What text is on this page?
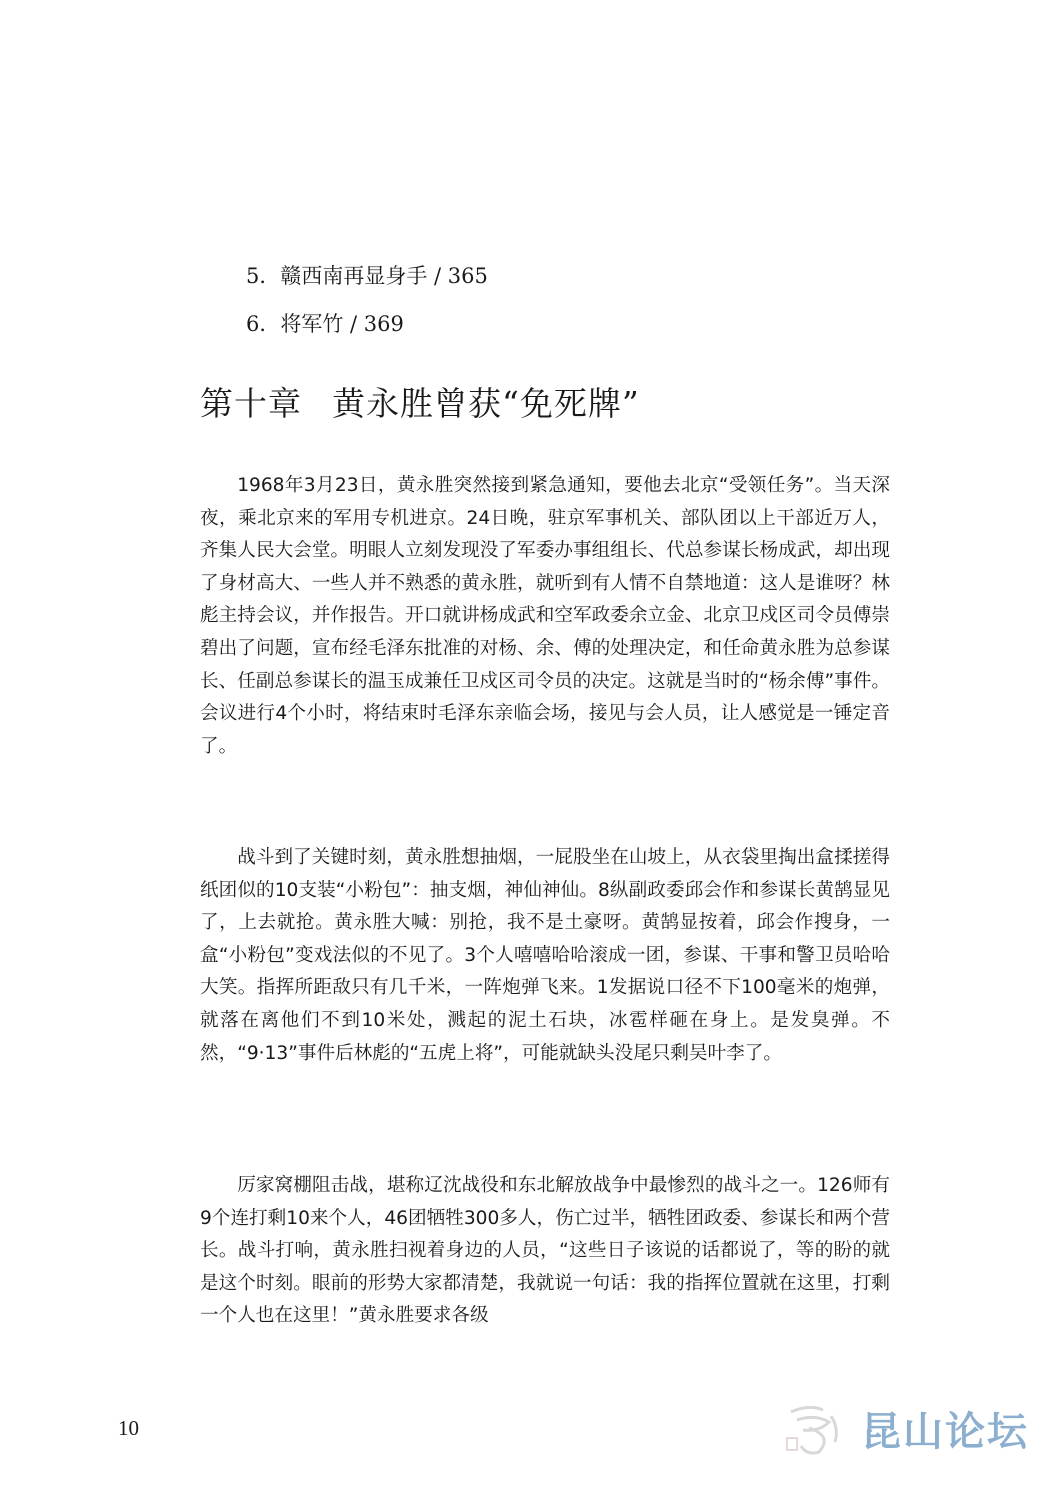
5．赣西南再显身手 / 365
6．将军竹 / 369
第十章 黄永胜曾获“免死牌”

1968年3月23日，黄永胜突然接到紧急通知，要他去北京“受领任务”。当天深夜，乘北京来的军用专机进京。24日晚，驻京军事机关、部队团以上干部近万人，齐集人民大会堂。明眼人立刻发现没了军委办事组组长、代总参谋长杨成武，却出现了身材高大、一些人并不熟悉的黄永胜，就听到有人情不自禁地道：这人是谁呀？林彪主持会议，并作报告。开口就讲杨成武和空军政委余立金、北京卫戍区司令员傅崇碧出了问题，宣布经毛泽东批准的对杨、余、傅的处理决定，和任命黄永胜为总参谋长、任副总参谋长的温玉成兼任卫戍区司令员的决定。这就是当时的“杨余傅”事件。会议进行4个小时，将结束时毛泽东亲临会场，接见与会人员，让人感觉是一锤定音了。

战斗到了关键时刻，黄永胜想抽烟，一屁股坐在山坡上，从衣袋里掏出盒揉搓得纸团似的10支装“小粉包”：抽支烟，神仙神仙。8纵副政委邱会作和参谋长黄鹄显见了，上去就抢。黄永胜大喊：别抢，我不是土豪呀。黄鹄显按着，邱会作搜身，一盒“小粉包”变戏法似的不见了。3个人嘻嘻哈哈滚成一团，参谋、干事和警卫员哈哈大笑。指挥所距敌只有几千米，一阵炮弹飞来。1发据说口径不下100毫米的炮弹，就落在离他们不到10米处，溅起的泥土石块，冰雹样砸在身上。是发臭弹。不然，“9·13”事件后林彪的“五虎上将”，可能就缺头没尾只剩吴叶李了。

厉家窝棚阻击战，堪称辽沈战役和东北解放战争中最惨烈的战斗之一。126师有9个连打剩10来个人，46团牺牲300多人，伤亡过半，牺牲团政委、参谋长和两个营长。战斗打响，黄永胜扫视着身边的人员，“这些日子该说的话都说了，等的盼的就是这个时刻。眼前的形势大家都清楚，我就说一句话：我的指挥位置就在这里，打剩一个人也在这里！”黄永胜要求各级

10	昆山论坛
